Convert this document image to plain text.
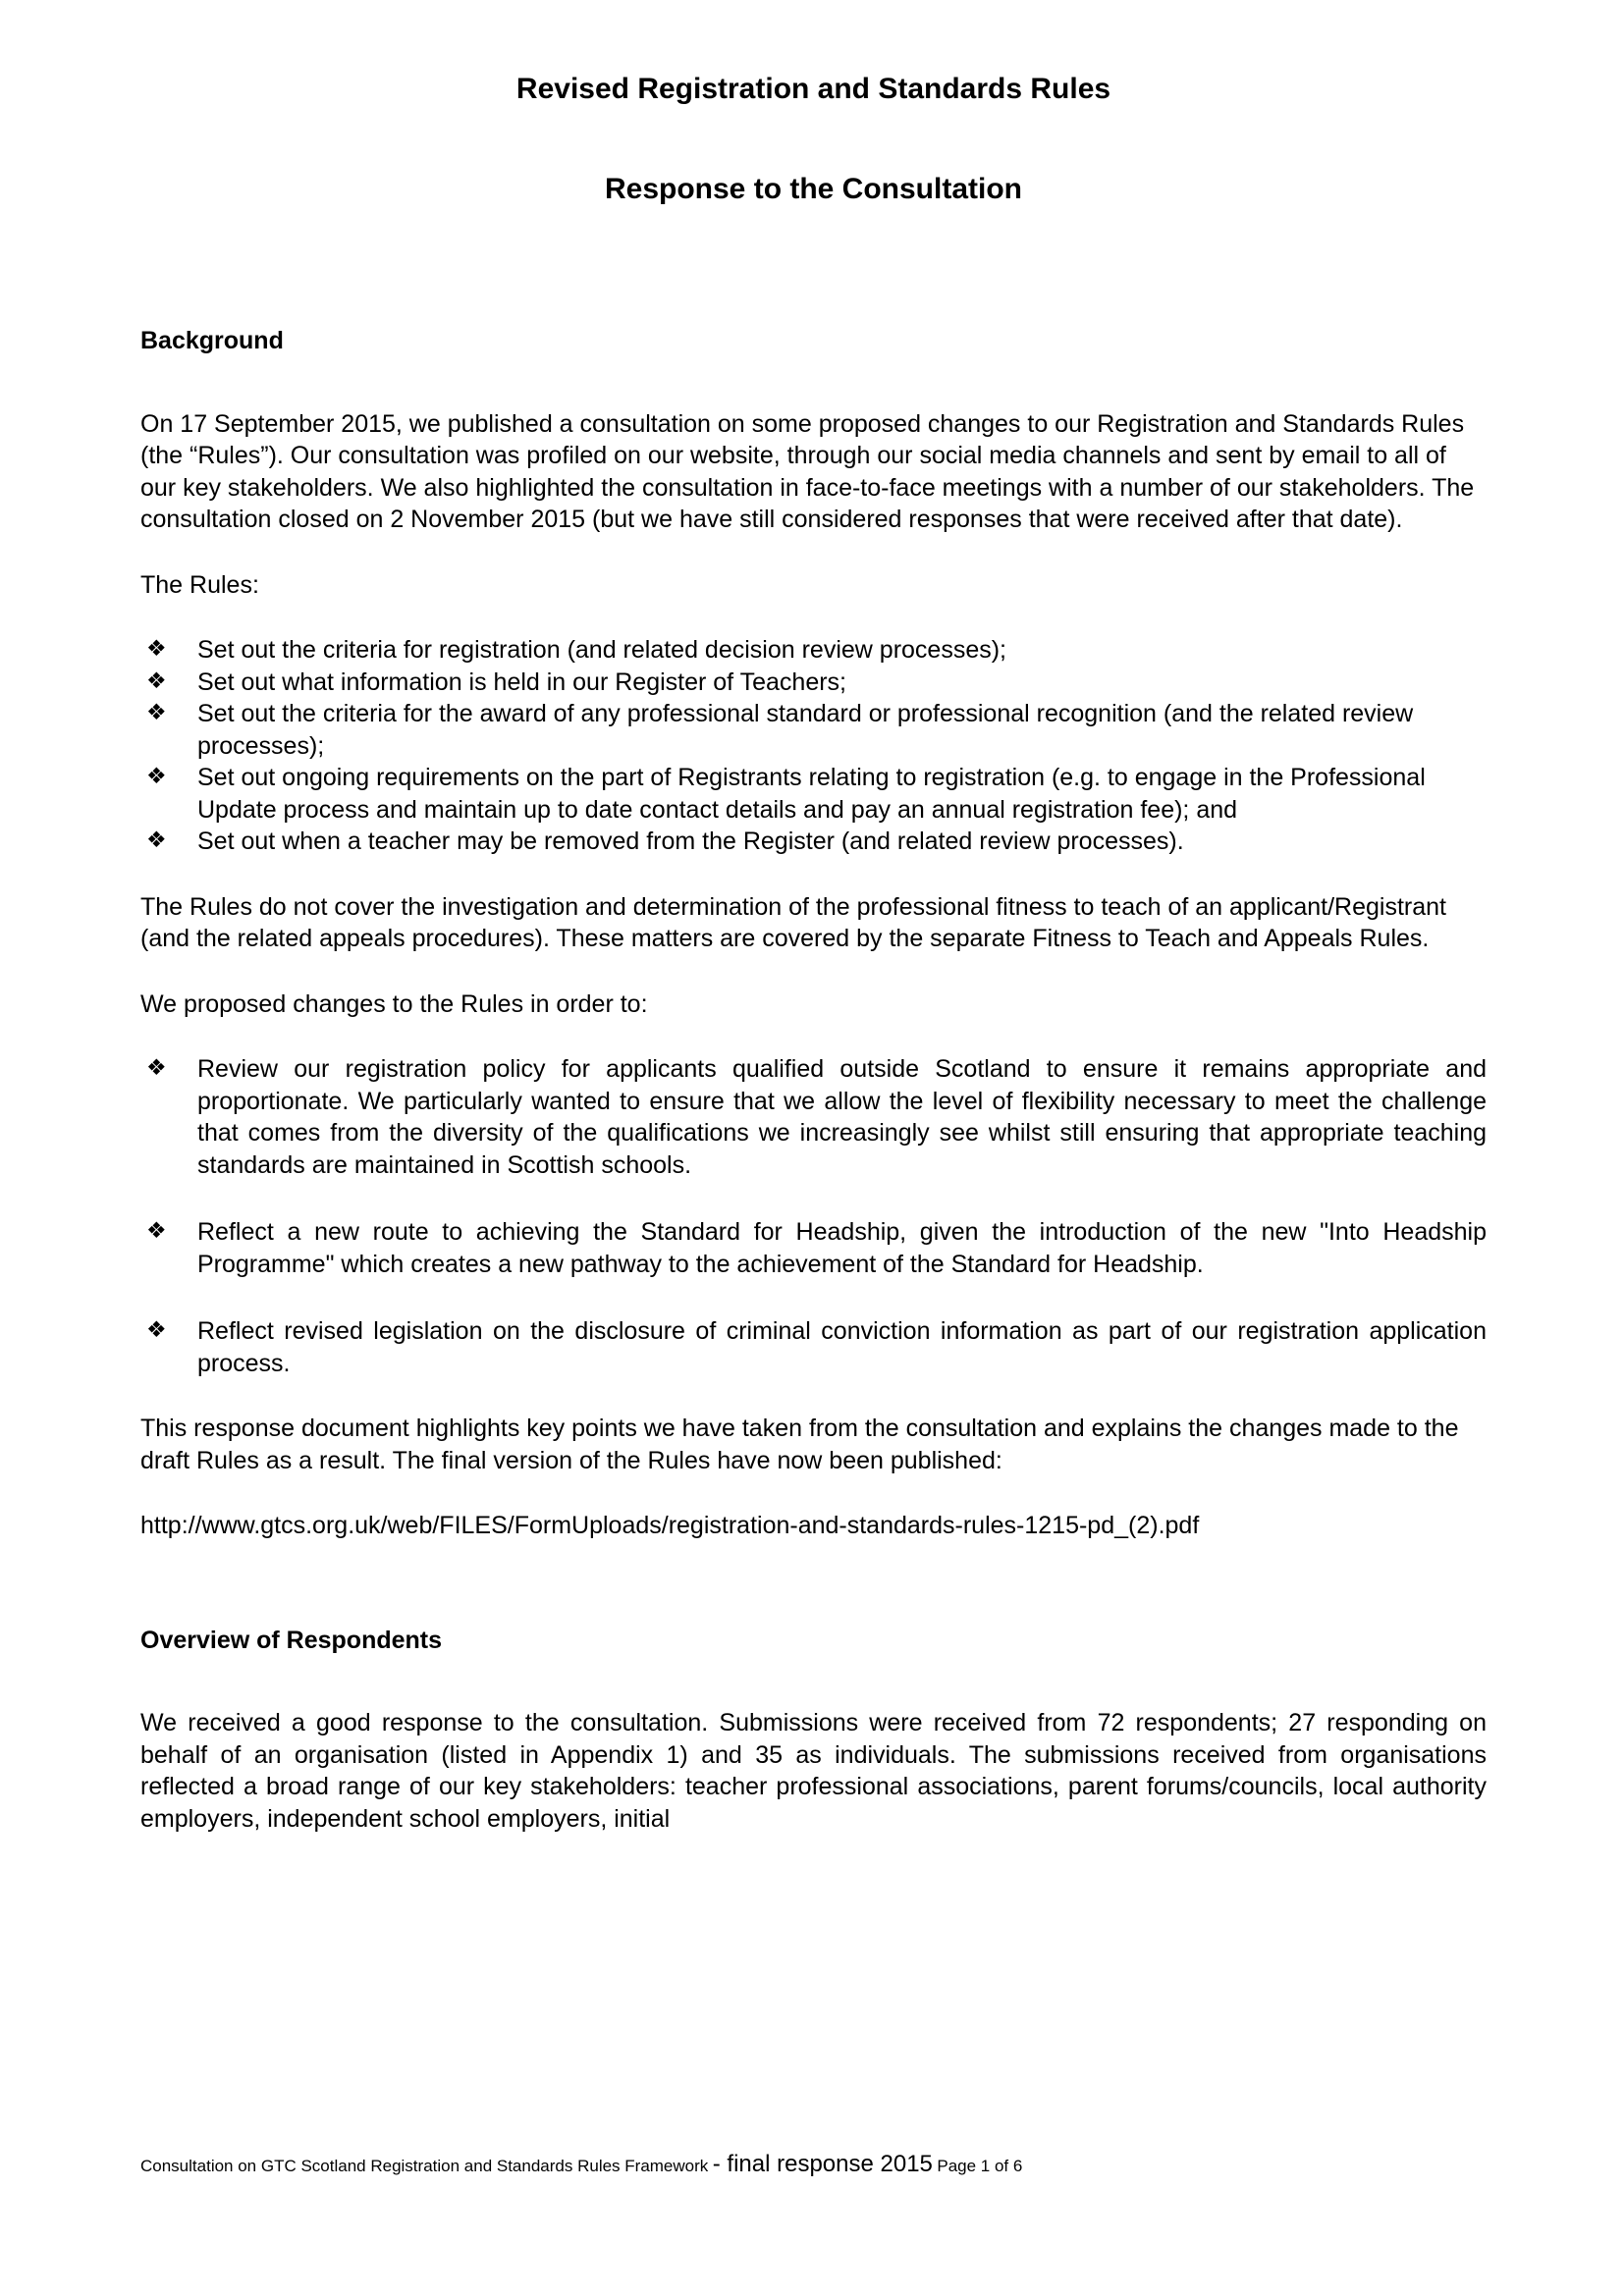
Revised Registration and Standards Rules
Response to the Consultation
Background

On 17 September 2015, we published a consultation on some proposed changes to our Registration and Standards Rules (the “Rules”). Our consultation was profiled on our website, through our social media channels and sent by email to all of our key stakeholders. We also highlighted the consultation in face-to-face meetings with a number of our stakeholders. The consultation closed on 2 November 2015 (but we have still considered responses that were received after that date).

The Rules:

❖ Set out the criteria for registration (and related decision review processes);
❖ Set out what information is held in our Register of Teachers;
❖ Set out the criteria for the award of any professional standard or professional recognition (and the related review processes);
❖ Set out ongoing requirements on the part of Registrants relating to registration (e.g. to engage in the Professional Update process and maintain up to date contact details and pay an annual registration fee); and
❖ Set out when a teacher may be removed from the Register (and related review processes).

The Rules do not cover the investigation and determination of the professional fitness to teach of an applicant/Registrant (and the related appeals procedures). These matters are covered by the separate Fitness to Teach and Appeals Rules.

We proposed changes to the Rules in order to:

❖ Review our registration policy for applicants qualified outside Scotland to ensure it remains appropriate and proportionate. We particularly wanted to ensure that we allow the level of flexibility necessary to meet the challenge that comes from the diversity of the qualifications we increasingly see whilst still ensuring that appropriate teaching standards are maintained in Scottish schools.
❖ Reflect a new route to achieving the Standard for Headship, given the introduction of the new "Into Headship Programme" which creates a new pathway to the achievement of the Standard for Headship.
❖ Reflect revised legislation on the disclosure of criminal conviction information as part of our registration application process.

This response document highlights key points we have taken from the consultation and explains the changes made to the draft Rules as a result. The final version of the Rules have now been published:

http://www.gtcs.org.uk/web/FILES/FormUploads/registration-and-standards-rules-1215-pd_(2).pdf

Overview of Respondents

We received a good response to the consultation. Submissions were received from 72 respondents; 27 responding on behalf of an organisation (listed in Appendix 1) and 35 as individuals. The submissions received from organisations reflected a broad range of our key stakeholders: teacher professional associations, parent forums/councils, local authority employers, independent school employers, initial

Consultation on GTC Scotland Registration and Standards Rules Framework - final response 2015 Page 1 of 6
